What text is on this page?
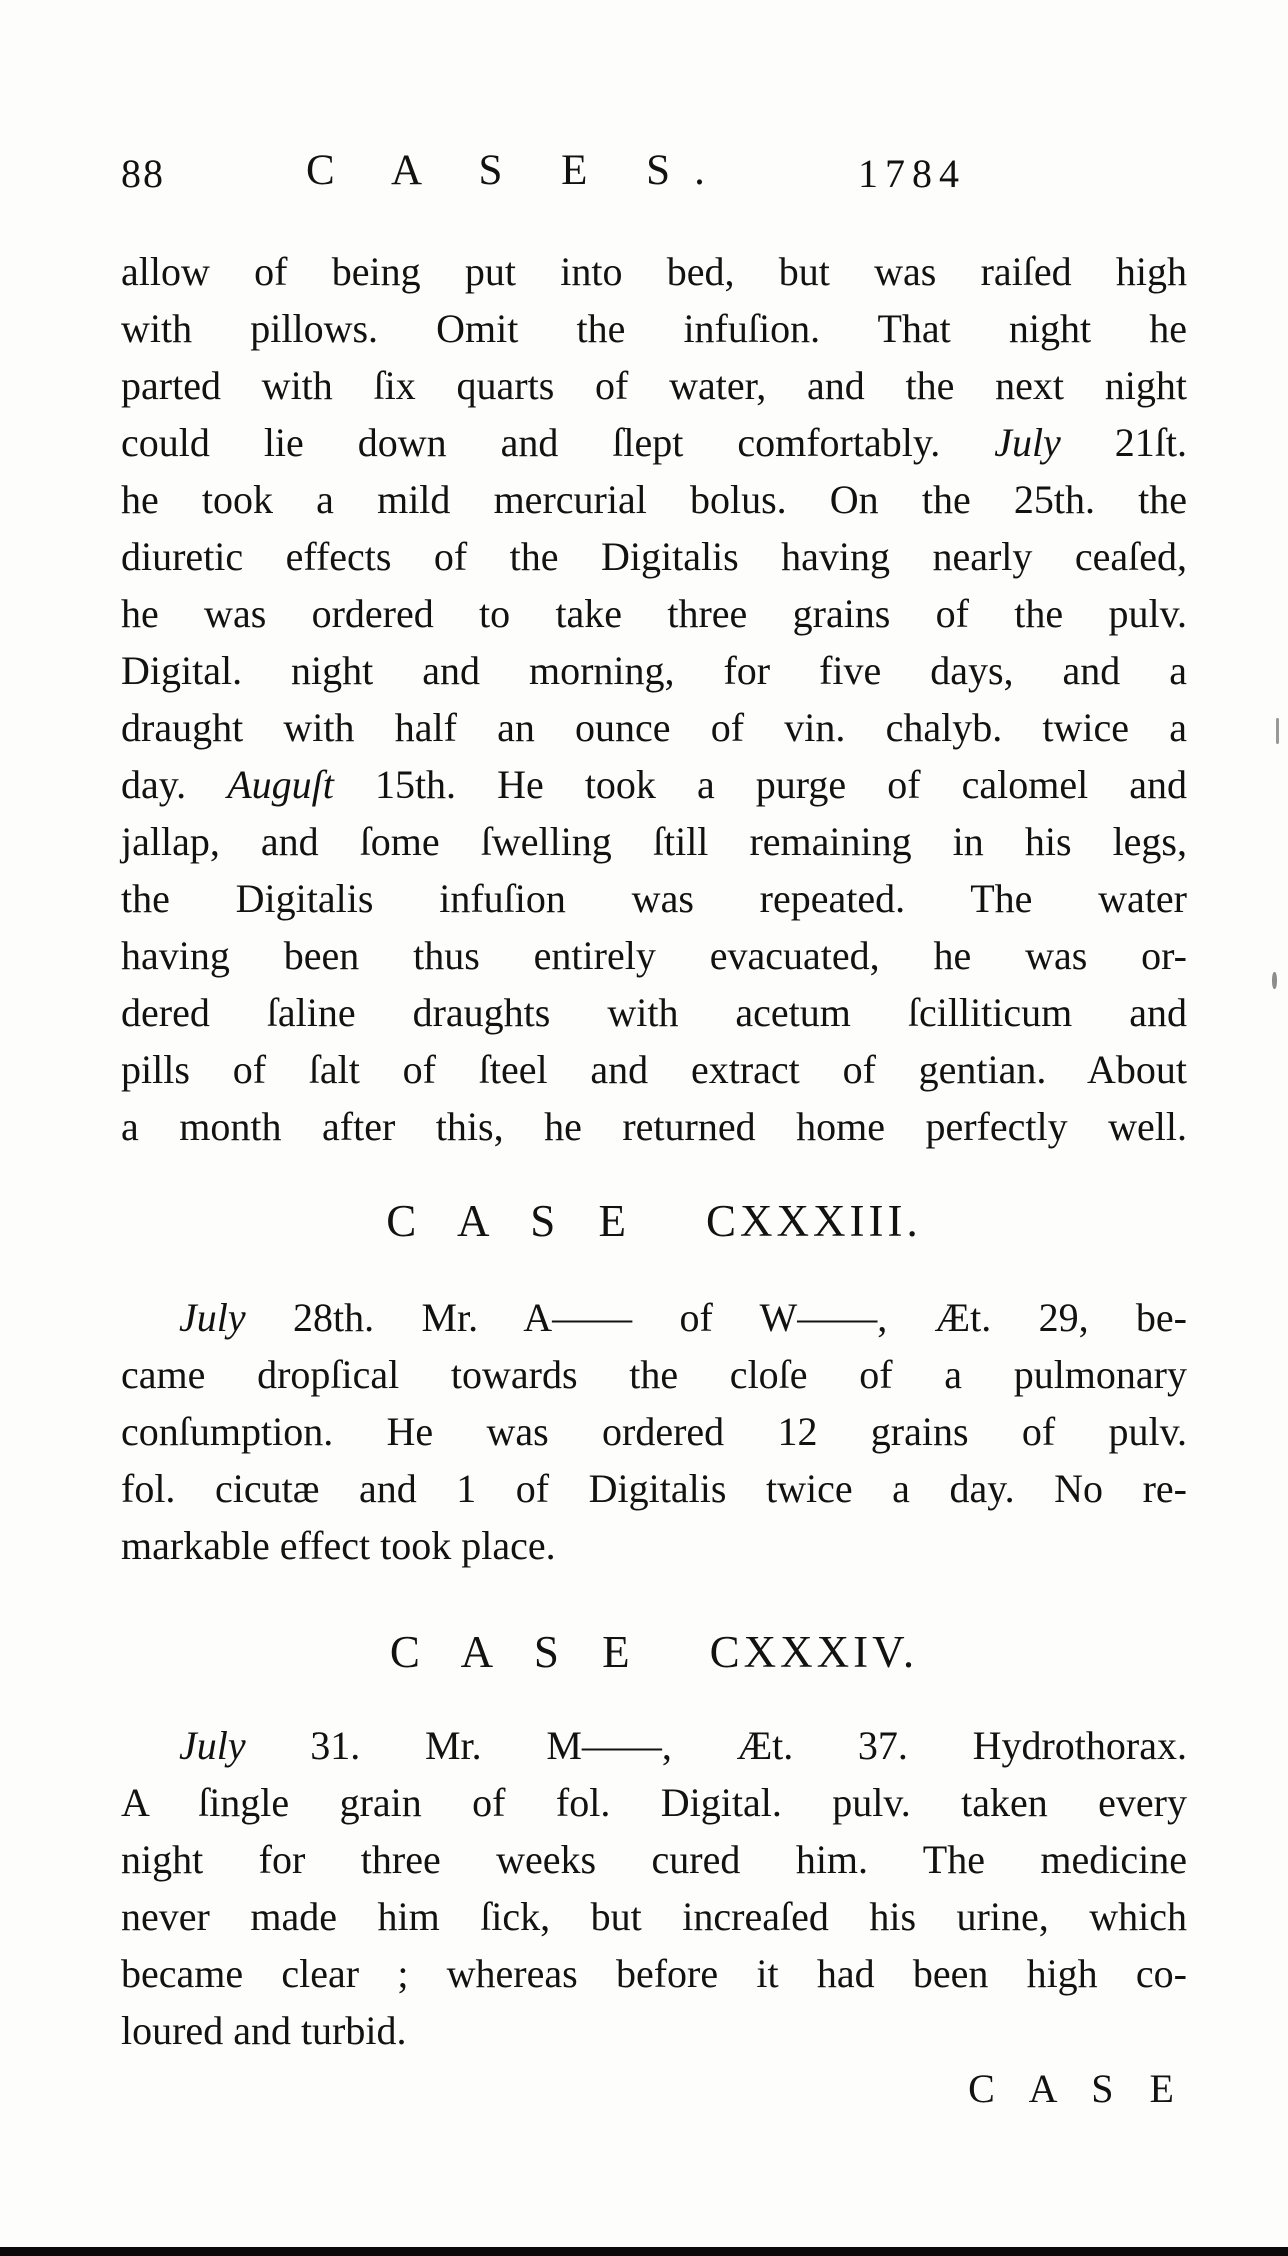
88	C A S E S.	1784
allow of being put into bed, but was raiſed high
with pillows. Omit the infuſion. That night he
parted with ſix quarts of water, and the next night
could lie down and ſlept comfortably. July 21ſt.
he took a mild mercurial bolus. On the 25th. the
diuretic effects of the Digitalis having nearly ceaſed,
he was ordered to take three grains of the pulv.
Digital. night and morning, for five days, and a
draught with half an ounce of vin. chalyb. twice a
day. Auguſt 15th. He took a purge of calomel and
jallap, and ſome ſwelling ſtill remaining in his legs,
the Digitalis infuſion was repeated. The water
having been thus entirely evacuated, he was or-
dered ſaline draughts with acetum ſcilliticum and
pills of ſalt of ſteel and extract of gentian. About
a month after this, he returned home perfectly well.
C A S E CXXXIII.
July 28th. Mr. A—— of W——, Æt. 29, be-
came dropſical towards the cloſe of a pulmonary
conſumption. He was ordered 12 grains of pulv.
fol. cicutæ and 1 of Digitalis twice a day. No re-
markable effect took place.
C A S E CXXXIV.
July 31. Mr. M——, Æt. 37. Hydrothorax.
A ſingle grain of fol. Digital. pulv. taken every
night for three weeks cured him. The medicine
never made him ſick, but increaſed his urine, which
became clear ; whereas before it had been high co-
loured and turbid.
C A S E
